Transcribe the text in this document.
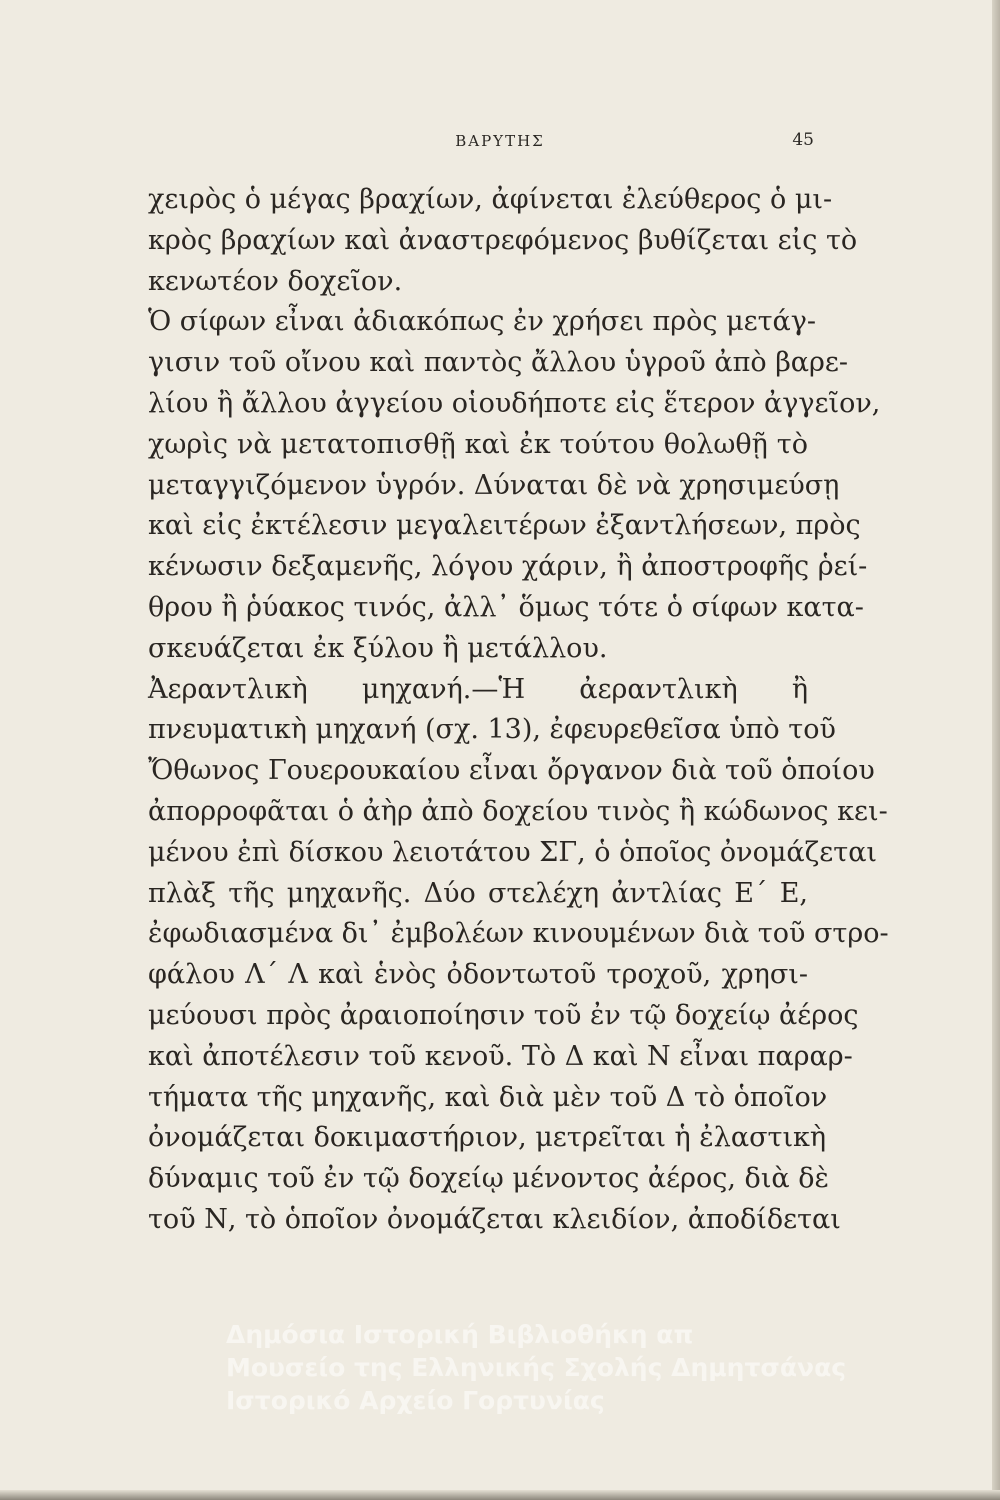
ΒΑΡΥΤΗΣ	45
χειρὸς ὁ μέγας βραχίων, ἀφίνεται ἐλεύθερος ὁ μι-
κρὸς βραχίων καὶ ἀναστρεφόμενος βυθίζεται εἰς τὸ
κενωτέον δοχεῖον.
Ὁ σίφων εἶναι ἀδιακόπως ἐν χρήσει πρὸς μετάγ-
γισιν τοῦ οἴνου καὶ παντὸς ἄλλου ὑγροῦ ἀπὸ βαρε-
λίου ἢ ἄλλου ἀγγείου οἱουδήποτε εἰς ἕτερον ἀγγεῖον,
χωρὶς νὰ μετατοπισθῇ καὶ ἐκ τούτου θολωθῇ τὸ
μεταγγιζόμενον ὑγρόν. Δύναται δὲ νὰ χρησιμεύσῃ
καὶ εἰς ἐκτέλεσιν μεγαλειτέρων ἐξαντλήσεων, πρὸς
κένωσιν δεξαμενῆς, λόγου χάριν, ἢ ἀποστροφῆς ῥεί-
θρου ἢ ῥύακος τινός, ἀλλ᾽ ὅμως τότε ὁ σίφων κατα-
σκευάζεται ἐκ ξύλου ἢ μετάλλου.
Ἀεραντλικὴ μηχανή.—Ἡ ἀεραντλικὴ ἢ
πνευματικὴ μηχανή (σχ. 13), ἐφευρεθεῖσα ὑπὸ τοῦ
Ὄθωνος Γουερουκαίου εἶναι ὄργανον διὰ τοῦ ὁποίου
ἀπορροφᾶται ὁ ἀὴρ ἀπὸ δοχείου τινὸς ἢ κώδωνος κει-
μένου ἐπὶ δίσκου λειοτάτου ΣΓ, ὁ ὁποῖος ὀνομάζεται
πλὰξ τῆς μηχανῆς. Δύο στελέχη ἀντλίας Ε΄ Ε,
ἐφωδιασμένα δι᾽ ἐμβολέων κινουμένων διὰ τοῦ στρο-
φάλου Λ΄ Λ καὶ ἑνὸς ὀδοντωτοῦ τροχοῦ, χρησι-
μεύουσι πρὸς ἀραιοποίησιν τοῦ ἐν τῷ δοχείῳ ἀέρος
καὶ ἀποτέλεσιν τοῦ κενοῦ. Τὸ Δ καὶ Ν εἶναι παραρ-
τήματα τῆς μηχανῆς, καὶ διὰ μὲν τοῦ Δ τὸ ὁποῖον
ὀνομάζεται δοκιμαστήριον, μετρεῖται ἡ ἐλαστικὴ
δύναμις τοῦ ἐν τῷ δοχείῳ μένοντος ἀέρος, διὰ δὲ
τοῦ Ν, τὸ ὁποῖον ὀνομάζεται κλειδίον, ἀποδίδεται
Δημόσια Ιστορική Βιβλιοθήκη απ
Μουσείο της Ελληνικής Σχολής Δημητσάνας
Ιστορικό Αρχείο Γορτυνίας
